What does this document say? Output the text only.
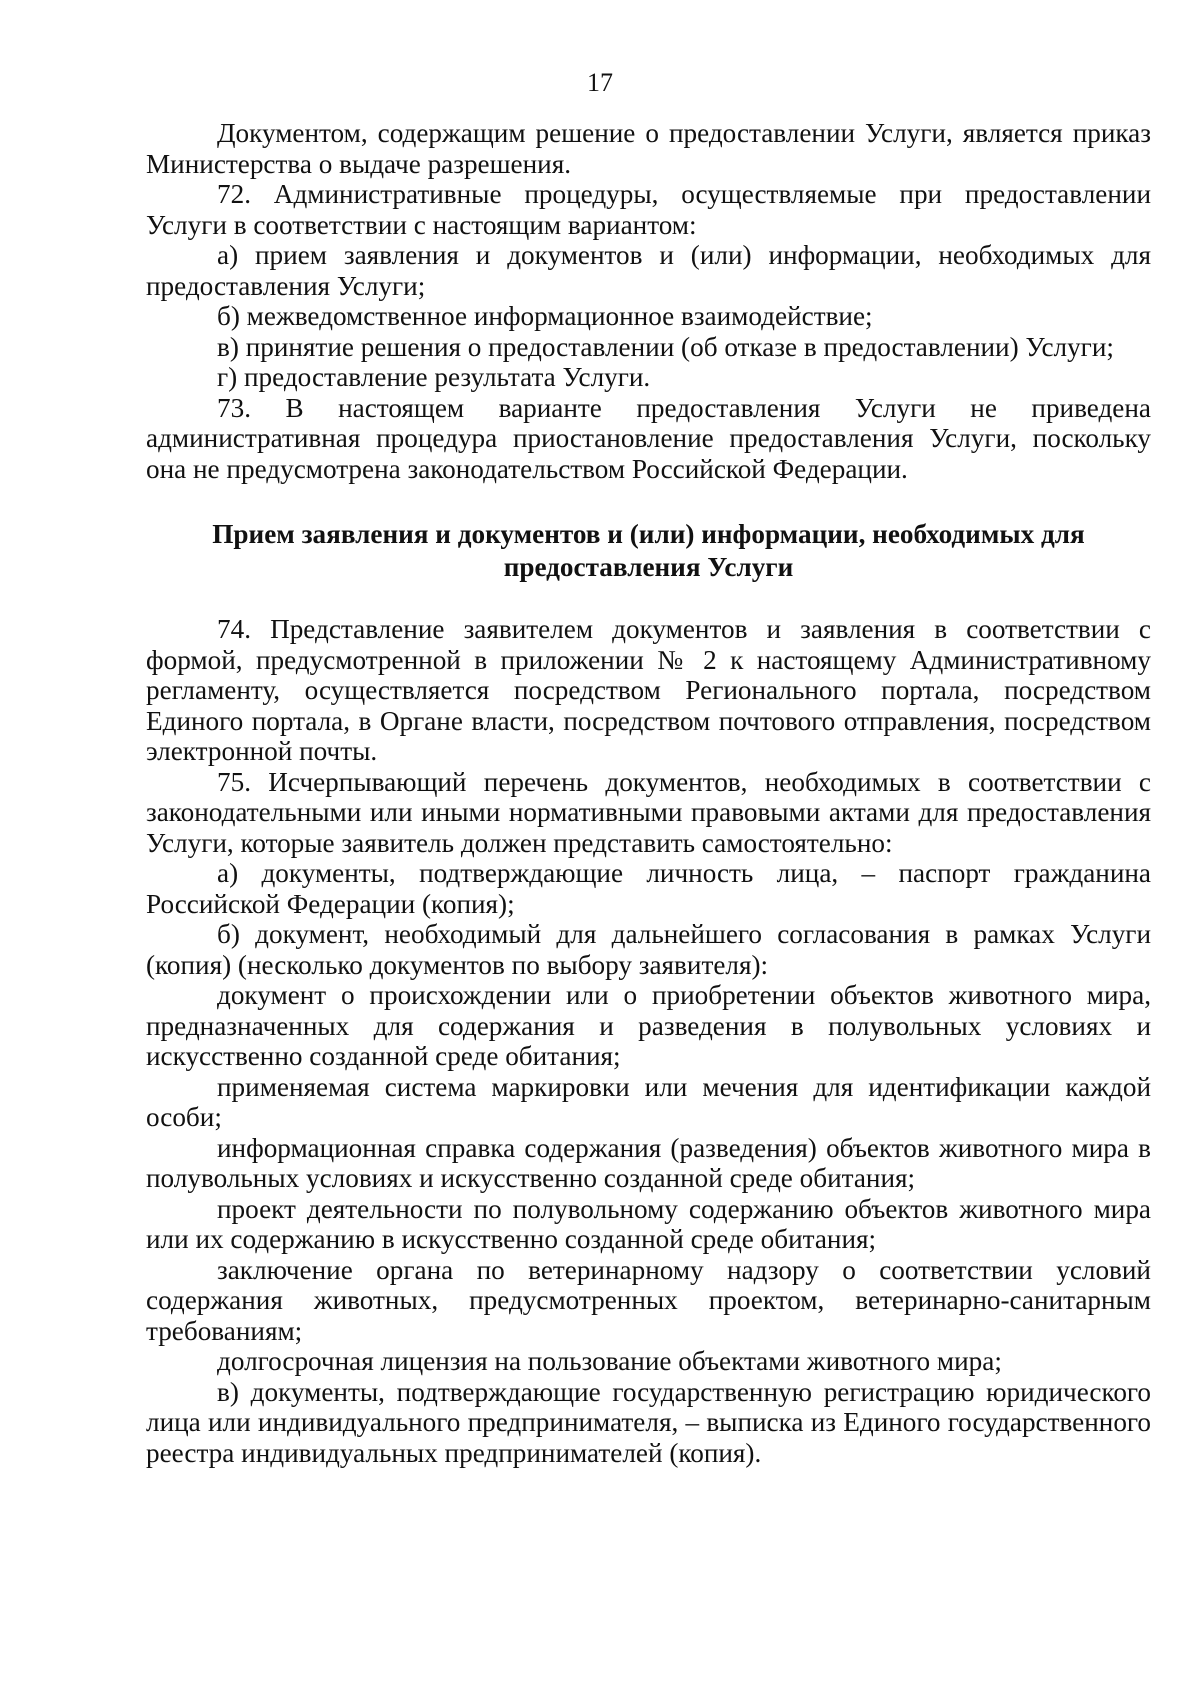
17

Документом, содержащим решение о предоставлении Услуги, является приказ Министерства о выдаче разрешения.

72. Административные процедуры, осуществляемые при предоставлении Услуги в соответствии с настоящим вариантом:

а) прием заявления и документов и (или) информации, необходимых для предоставления Услуги;

б) межведомственное информационное взаимодействие;

в) принятие решения о предоставлении (об отказе в предоставлении) Услуги;

г) предоставление результата Услуги.

73. В настоящем варианте предоставления Услуги не приведена административная процедура приостановление предоставления Услуги, поскольку она не предусмотрена законодательством Российской Федерации.

Прием заявления и документов и (или) информации, необходимых для
предоставления Услуги

74. Представление заявителем документов и заявления в соответствии с формой, предусмотренной в приложении № 2 к настоящему Административному регламенту, осуществляется посредством Регионального портала, посредством Единого портала, в Органе власти, посредством почтового отправления, посредством электронной почты.

75. Исчерпывающий перечень документов, необходимых в соответствии с законодательными или иными нормативными правовыми актами для предоставления Услуги, которые заявитель должен представить самостоятельно:

а) документы, подтверждающие личность лица, – паспорт гражданина Российской Федерации (копия);

б) документ, необходимый для дальнейшего согласования в рамках Услуги (копия) (несколько документов по выбору заявителя):

документ о происхождении или о приобретении объектов животного мира, предназначенных для содержания и разведения в полувольных условиях и искусственно созданной среде обитания;

применяемая система маркировки или мечения для идентификации каждой особи;

информационная справка содержания (разведения) объектов животного мира в полувольных условиях и искусственно созданной среде обитания;

проект деятельности по полувольному содержанию объектов животного мира или их содержанию в искусственно созданной среде обитания;

заключение органа по ветеринарному надзору о соответствии условий содержания животных, предусмотренных проектом, ветеринарно-санитарным требованиям;

долгосрочная лицензия на пользование объектами животного мира;

в) документы, подтверждающие государственную регистрацию юридического лица или индивидуального предпринимателя, – выписка из Единого государственного реестра индивидуальных предпринимателей (копия).
